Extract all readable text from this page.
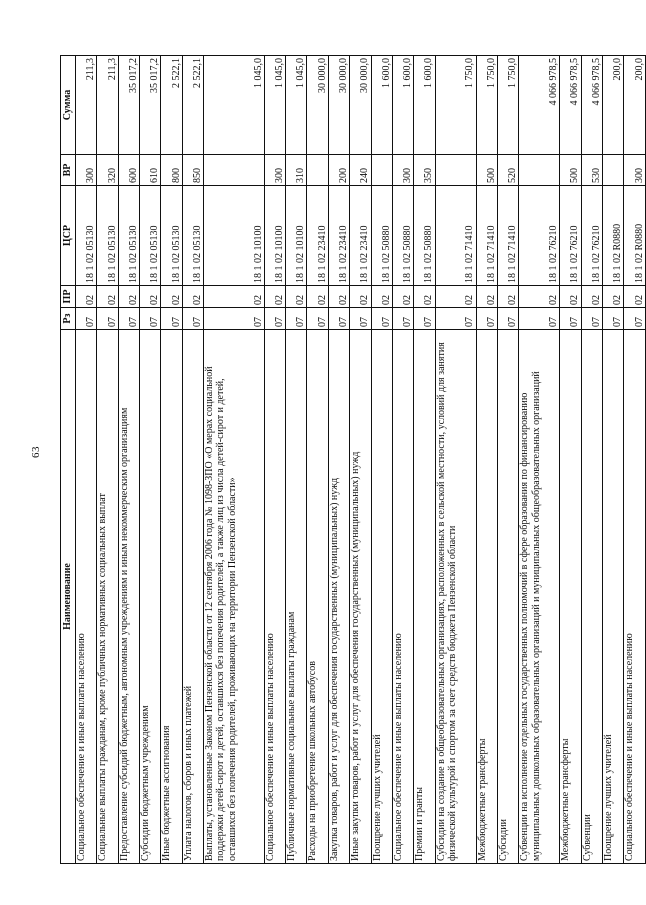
63
Наименование	Рз	ПР	ЦСР	ВР	Сумма
Социальное обеспечение и иные выплаты населению	07	02	18 1 02 05130	300	211,3
Социальные выплаты гражданам, кроме публичных нормативных социальных выплат	07	02	18 1 02 05130	320	211,3
Предоставление субсидий бюджетным, автономным учреждениям и иным некоммерческим организациям	07	02	18 1 02 05130	600	35 017,2
Субсидии бюджетным учреждениям	07	02	18 1 02 05130	610	35 017,2
Иные бюджетные ассигнования	07	02	18 1 02 05130	800	2 522,1
Уплата налогов, сборов и иных платежей	07	02	18 1 02 05130	850	2 522,1
Выплаты, установленные Законом Пензенской области от 12 сентября 2006 года № 1098-ЗПО «О мерах социальной поддержки детей-сирот и детей, оставшихся без попечения родителей, а также лиц из числа детей-сирот и детей, оставшихся без попечения родителей, проживающих на территории Пензенской области»	07	02	18 1 02 10100		1 045,0
Социальное обеспечение и иные выплаты населению	07	02	18 1 02 10100	300	1 045,0
Публичные нормативные социальные выплаты гражданам	07	02	18 1 02 10100	310	1 045,0
Расходы на приобретение школьных автобусов	07	02	18 1 02 23410		30 000,0
Закупка товаров, работ и услуг для обеспечения государственных (муниципальных) нужд	07	02	18 1 02 23410	200	30 000,0
Иные закупки товаров, работ и услуг для обеспечения государственных (муниципальных) нужд	07	02	18 1 02 23410	240	30 000,0
Поощрение лучших учителей	07	02	18 1 02 50880		1 600,0
Социальное обеспечение и иные выплаты населению	07	02	18 1 02 50880	300	1 600,0
Премии и гранты	07	02	18 1 02 50880	350	1 600,0
Субсидии на создание в общеобразовательных организациях, расположенных в сельской местности, условий для занятия физической культурой и спортом за счет средств бюджета Пензенской области	07	02	18 1 02 71410		1 750,0
Межбюджетные трансферты	07	02	18 1 02 71410	500	1 750,0
Субсидии	07	02	18 1 02 71410	520	1 750,0
Субвенции на исполнение отдельных государственных полномочий в сфере образования по финансированию муниципальных дошкольных образовательных организаций и муниципальных общеобразовательных организаций	07	02	18 1 02 76210		4 066 978,5
Межбюджетные трансферты	07	02	18 1 02 76210	500	4 066 978,5
Субвенции	07	02	18 1 02 76210	530	4 066 978,5
Поощрение лучших учителей	07	02	18 1 02 R0880		200,0
Социальное обеспечение и иные выплаты населению	07	02	18 1 02 R0880	300	200,0
